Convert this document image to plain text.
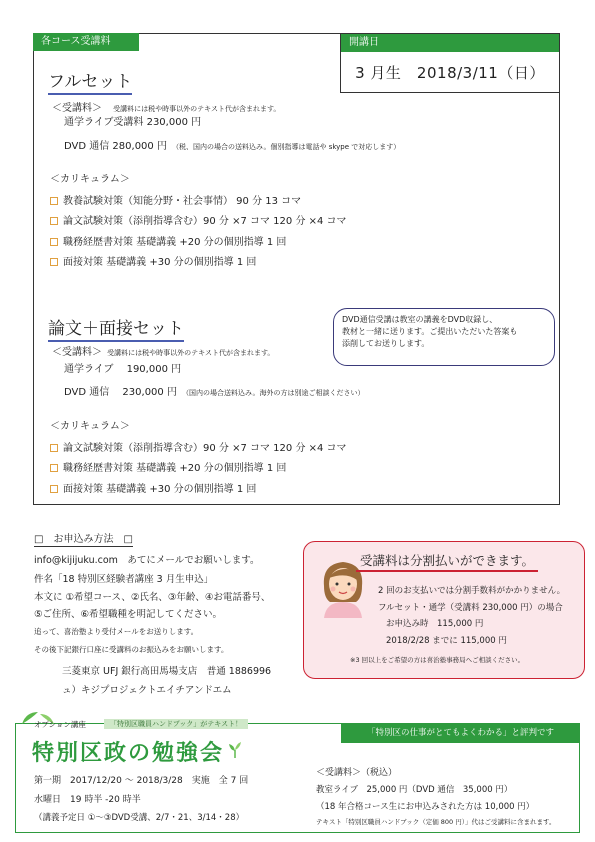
各コース受講料	開講日
3 月生　2018/3/11（日）
フルセット
＜受講料＞ 受講料には税や時事以外のテキスト代が含まれます。
通学ライブ受講料 230,000 円
DVD 通信 280,000 円 （税、国内の場合の送料込み。個別指導は電話や skype で対応します）
＜カリキュラム＞
教養試験対策（知能分野・社会事情） 90 分 13 コマ
論文試験対策（添削指導含む）90 分 ×7 コマ 120 分 ×4 コマ
職務経歴書対策 基礎講義 +20 分の個別指導 1 回
面接対策 基礎講義 +30 分の個別指導 1 回
DVD通信受講は教室の講義をDVD収録し、
教材と一緒に送ります。ご提出いただいた答案も
添削してお送りします。
論文＋面接セット
＜受講料＞ 受講料には税や時事以外のテキスト代が含まれます。
通学ライブ　 190,000 円
DVD 通信　 230,000 円 （国内の場合送料込み。海外の方は別途ご相談ください）
＜カリキュラム＞
論文試験対策（添削指導含む）90 分 ×7 コマ 120 分 ×4 コマ
職務経歴書対策 基礎講義 +20 分の個別指導 1 回
面接対策 基礎講義 +30 分の個別指導 1 回
□　お申込み方法　□
info@kijijuku.com　あてにメールでお願いします。
件名「18 特別区経験者講座 3 月生申込」
本文に ①希望コース、②氏名、③年齢、④お電話番号、
⑤ご住所、⑥希望職種を明記してください。
追って、喜治塾より受付メールをお送りします。
その後下記銀行口座に受講料のお振込みをお願いします。
三菱東京 UFJ 銀行高田馬場支店　普通 1886996
ュ）キジプロジェクトエイチアンドエム
受講料は分割払いができます。
2 回のお支払いでは分割手数料がかかりません。
フルセット・通学（受講料 230,000 円）の場合
お申込み時　115,000 円
2018/2/28 までに 115,000 円
※3 回以上をご希望の方は喜治塾事務局へご相談ください。
オプション講座	「特別区職員ハンドブック」がテキスト！
特別区政の勉強会
「特別区の仕事がとてもよくわかる」と評判です
第一期　2017/12/20 ～ 2018/3/28　実施　全 7 回
水曜日　19 時半 -20 時半
（講義予定日 ①～③DVD受講、2/7・21、3/14・28）
＜受講料＞（税込）
教室ライブ　25,000 円（DVD 通信　35,000 円）
（18 年合格コース生にお申込みされた方は 10,000 円）
テキスト「特別区職員ハンドブック（定価 800 円）」代はご受講料に含まれます。
